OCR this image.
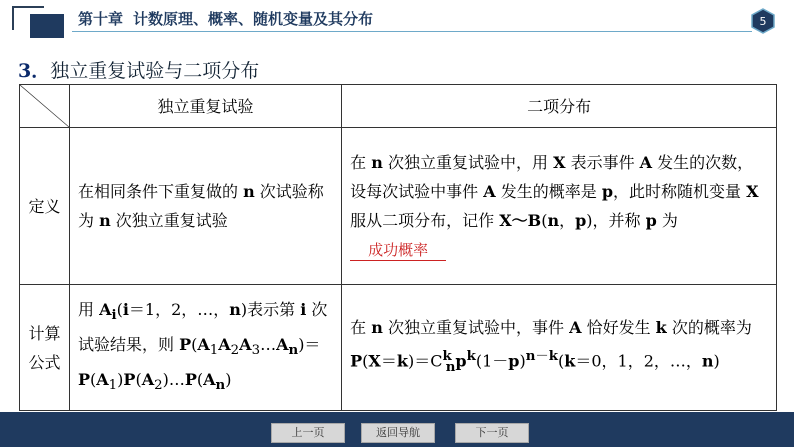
第十章 计数原理、概率、随机变量及其分布	5
3．独立重复试验与二项分布
	独立重复试验	二项分布

定义	在相同条件下重复做的 n 次试验称为 n 次独立重复试验	在 n 次独立重复试验中，用 X 表示事件 A 发生的次数，设每次试验中事件 A 发生的概率是 p，此时称随机变量 X 服从二项分布，记作 X～B(n，p)，并称 p 为 成功概率

计算
公式	用 $A_i(i=1$，2，…，n)表示第 i 次试验结果，则 $P(A_1A_2A_3\dots A_n)=P(A_1)P(A_2)\dots P(A_n)$	在 n 次独立重复试验中，事件 A 恰好发生 k 次的概率为 $P(X=k)=C^k_np^k(1-p)^{n-k}(k=0$，1，2，…，n)
上一页	返回导航	下一页
